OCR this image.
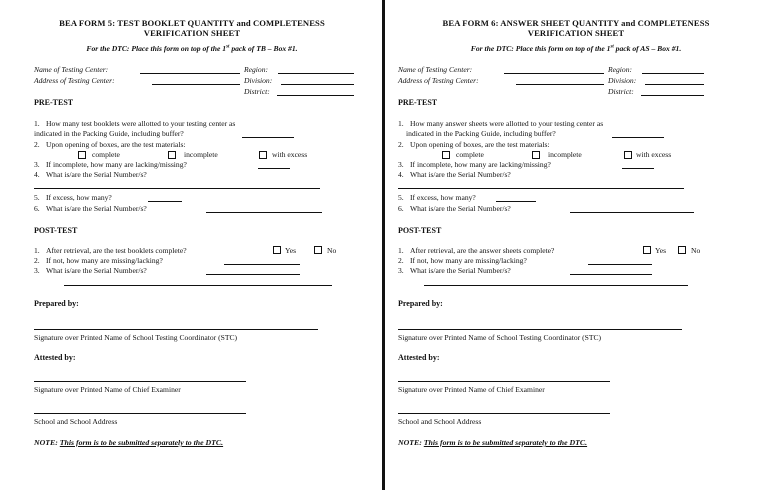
BEA FORM 5: TEST BOOKLET QUANTITY and COMPLETENESS
VERIFICATION SHEET
For the DTC: Place this form on top of the 1st pack of TB – Box #1.
Name of Testing Center:
Address of Testing Center:
Region:
Division:
District:
PRE-TEST
1. How many test booklets were allotted to your testing center as
indicated in the Packing Guide, including buffer?
2. Upon opening of boxes, are the test materials:
complete	incomplete	with excess
3. If incomplete, how many are lacking/missing?
4. What is/are the Serial Number/s?
5. If excess, how many?
6. What is/are the Serial Number/s?
POST-TEST
1. After retrieval, are the test booklets complete?	Yes	No
2. If not, how many are missing/lacking?
3. What is/are the Serial Number/s?
Prepared by:
Signature over Printed Name of School Testing Coordinator (STC)
Attested by:
Signature over Printed Name of Chief Examiner
School and School Address
NOTE: This form is to be submitted separately to the DTC.
BEA FORM 6: ANSWER SHEET QUANTITY and COMPLETENESS
VERIFICATION SHEET
For the DTC: Place this form on top of the 1st pack of AS – Box #1.
Name of Testing Center:
Address of Testing Center:
Region:
Division:
District:
PRE-TEST
1. How many answer sheets were allotted to your testing center as
indicated in the Packing Guide, including buffer?
2. Upon opening of boxes, are the test materials:
complete	incomplete	with excess
3. If incomplete, how many are lacking/missing?
4. What is/are the Serial Number/s?
5. If excess, how many?
6. What is/are the Serial Number/s?
POST-TEST
1. After retrieval, are the answer sheets complete?	Yes	No
2. If not, how many are missing/lacking?
3. What is/are the Serial Number/s?
Prepared by:
Signature over Printed Name of School Testing Coordinator (STC)
Attested by:
Signature over Printed Name of Chief Examiner
School and School Address
NOTE: This form is to be submitted separately to the DTC.
